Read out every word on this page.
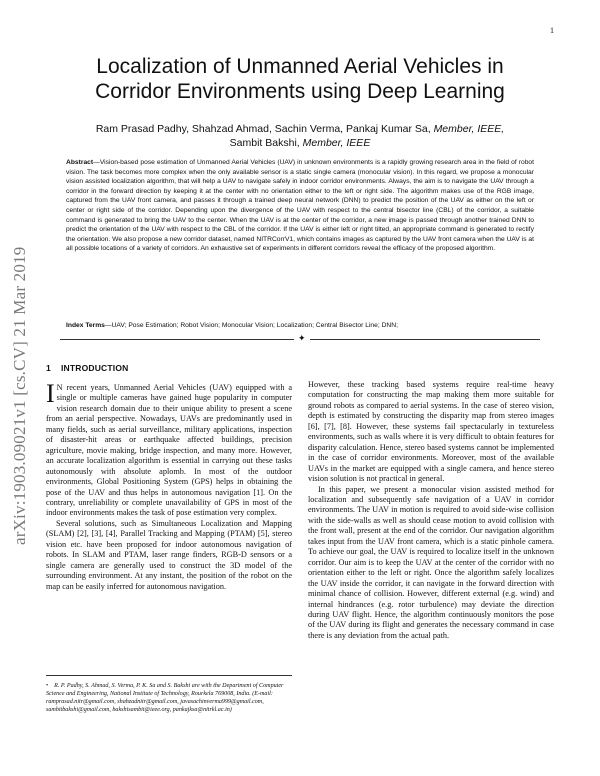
1
arXiv:1903.09021v1 [cs.CV] 21 Mar 2019
Localization of Unmanned Aerial Vehicles in
Corridor Environments using Deep Learning
Ram Prasad Padhy, Shahzad Ahmad, Sachin Verma, Pankaj Kumar Sa, Member, IEEE,
Sambit Bakshi, Member, IEEE
Abstract—Vision-based pose estimation of Unmanned Aerial Vehicles (UAV) in unknown environments is a rapidly growing research area in the field of robot vision. The task becomes more complex when the only available sensor is a static single camera (monocular vision). In this regard, we propose a monocular vision assisted localization algorithm, that will help a UAV to navigate safely in indoor corridor environments. Always, the aim is to navigate the UAV through a corridor in the forward direction by keeping it at the center with no orientation either to the left or right side. The algorithm makes use of the RGB image, captured from the UAV front camera, and passes it through a trained deep neural network (DNN) to predict the position of the UAV as either on the left or center or right side of the corridor. Depending upon the divergence of the UAV with respect to the central bisector line (CBL) of the corridor, a suitable command is generated to bring the UAV to the center. When the UAV is at the center of the corridor, a new image is passed through another trained DNN to predict the orientation of the UAV with respect to the CBL of the corridor. If the UAV is either left or right tilted, an appropriate command is generated to rectify the orientation. We also propose a new corridor dataset, named NITRCorrV1, which contains images as captured by the UAV front camera when the UAV is at all possible locations of a variety of corridors. An exhaustive set of experiments in different corridors reveal the efficacy of the proposed algorithm.
Index Terms—UAV; Pose Estimation; Robot Vision; Monocular Vision; Localization; Central Bisector Line; DNN;
✦
1 INTRODUCTION

I N recent years, Unmanned Aerial Vehicles (UAV) equipped with a single or multiple cameras have gained huge popularity in computer vision research domain due to their unique ability to present a scene from an aerial perspective. Nowadays, UAVs are predominantly used in many fields, such as aerial surveillance, military applications, inspection of disaster-hit areas or earthquake affected buildings, precision agriculture, movie making, bridge inspection, and many more. However, an accurate localization algorithm is essential in carrying out these tasks autonomously with absolute aplomb. In most of the outdoor environments, Global Positioning System (GPS) helps in obtaining the pose of the UAV and thus helps in autonomous navigation [1]. On the contrary, unreliability or complete unavailability of GPS in most of the indoor environments makes the task of pose estimation very complex.

Several solutions, such as Simultaneous Localization and Mapping (SLAM) [2], [3], [4], Parallel Tracking and Mapping (PTAM) [5], stereo vision etc. have been proposed for indoor autonomous navigation of robots. In SLAM and PTAM, laser range finders, RGB-D sensors or a single camera are generally used to construct the 3D model of the surrounding environment. At any instant, the position of the robot on the map can be easily inferred for autonomous navigation.

• R. P. Padhy, S. Ahmad, S. Verma, P. K. Sa and S. Bakshi are with the Department of Computer Science and Engineering, National Institute of Technology, Rourkela 769008, India. (E-mail: ramprasad.nitr@gmail.com, shahzadnitr@gmail.com, javasachinverma999@gmail.com, sambitbakshi@gmail.com, bakshisambit@ieee.org, pankajksa@nitrkl.ac.in)

However, these tracking based systems require real-time heavy computation for constructing the map making them more suitable for ground robots as compared to aerial systems. In the case of stereo vision, depth is estimated by constructing the disparity map from stereo images [6], [7], [8]. However, these systems fail spectacularly in textureless environments, such as walls where it is very difficult to obtain features for disparity calculation. Hence, stereo based systems cannot be implemented in the case of corridor environments. Moreover, most of the available UAVs in the market are equipped with a single camera, and hence stereo vision solution is not practical in general.

In this paper, we present a monocular vision assisted method for localization and subsequently safe navigation of a UAV in corridor environments. The UAV in motion is required to avoid side-wise collision with the side-walls as well as should cease motion to avoid collision with the front wall, present at the end of the corridor. Our navigation algorithm takes input from the UAV front camera, which is a static pinhole camera. To achieve our goal, the UAV is required to localize itself in the unknown corridor. Our aim is to keep the UAV at the center of the corridor with no orientation either to the left or right. Once the algorithm safely localizes the UAV inside the corridor, it can navigate in the forward direction with minimal chance of collision. However, different external (e.g. wind) and internal hindrances (e.g. rotor turbulence) may deviate the direction during UAV flight. Hence, the algorithm continuously monitors the pose of the UAV during its flight and generates the necessary command in case there is any deviation from the actual path.
